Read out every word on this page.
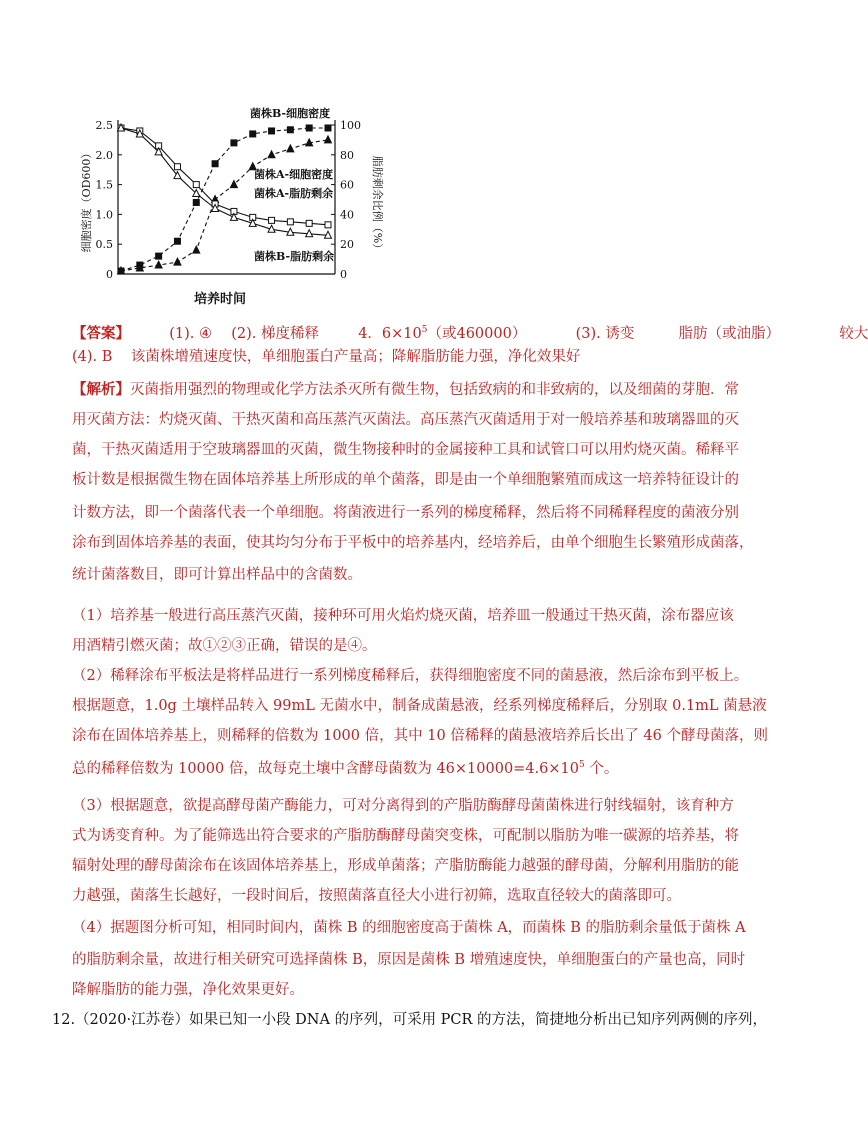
0
0.5
1.0
1.5
2.0
2.5
0
20
40
60
80
100
培养时间
细胞密度（OD600）	脂肪剩余比例（%）
菌株B-细胞密度
菌株A-细胞密度
菌株A-脂肪剩余
菌株B-脂肪剩余
【答案】	(1). ④ (2). 梯度稀释	4．$6\times 10^5$（或460000）	(3). 诱变	脂肪（或油脂）	较大
(4). B    该菌株增殖速度快，单细胞蛋白产量高；降解脂肪能力强，净化效果好
【解析】灭菌指用强烈的物理或化学方法杀灭所有微生物，包括致病的和非致病的，以及细菌的芽胞．常
用灭菌方法：灼烧灭菌、干热灭菌和高压蒸汽灭菌法。高压蒸汽灭菌适用于对一般培养基和玻璃器皿的灭
菌，干热灭菌适用于空玻璃器皿的灭菌，微生物接种时的金属接种工具和试管口可以用灼烧灭菌。稀释平
板计数是根据微生物在固体培养基上所形成的单个菌落，即是由一个单细胞繁殖而成这一培养特征设计的
计数方法，即一个菌落代表一个单细胞。将菌液进行一系列的梯度稀释，然后将不同稀释程度的菌液分别
涂布到固体培养基的表面，使其均匀分布于平板中的培养基内，经培养后，由单个细胞生长繁殖形成菌落，
统计菌落数目，即可计算出样品中的含菌数。
（1）培养基一般进行高压蒸汽灭菌，接种环可用火焰灼烧灭菌，培养皿一般通过干热灭菌，涂布器应该
用酒精引燃灭菌；故①②③正确，错误的是④。
（2）稀释涂布平板法是将样品进行一系列梯度稀释后，获得细胞密度不同的菌悬液，然后涂布到平板上。
根据题意，1.0g 土壤样品转入 99mL 无菌水中，制备成菌悬液，经系列梯度稀释后，分别取 0.1mL 菌悬液
涂布在固体培养基上，则稀释的倍数为 1000 倍，其中 10 倍稀释的菌悬液培养后长出了 46 个酵母菌落，则
总的稀释倍数为 10000 倍，故每克土壤中含酵母菌数为 $46\times 10000=4.6\times 10^5$ 个。
（3）根据题意，欲提高酵母菌产酶能力，可对分离得到的产脂肪酶酵母菌菌株进行射线辐射，该育种方
式为诱变育种。为了能筛选出符合要求的产脂肪酶酵母菌突变株，可配制以脂肪为唯一碳源的培养基，将
辐射处理的酵母菌涂布在该固体培养基上，形成单菌落；产脂肪酶能力越强的酵母菌，分解利用脂肪的能
力越强，菌落生长越好，一段时间后，按照菌落直径大小进行初筛，选取直径较大的菌落即可。
（4）据题图分析可知，相同时间内，菌株 B 的细胞密度高于菌株 A，而菌株 B 的脂肪剩余量低于菌株 A
的脂肪剩余量，故进行相关研究可选择菌株 B，原因是菌株 B 增殖速度快，单细胞蛋白的产量也高，同时
降解脂肪的能力强，净化效果更好。
12.（2020·江苏卷）如果已知一小段 DNA 的序列，可采用 PCR 的方法，简捷地分析出已知序列两侧的序列，
